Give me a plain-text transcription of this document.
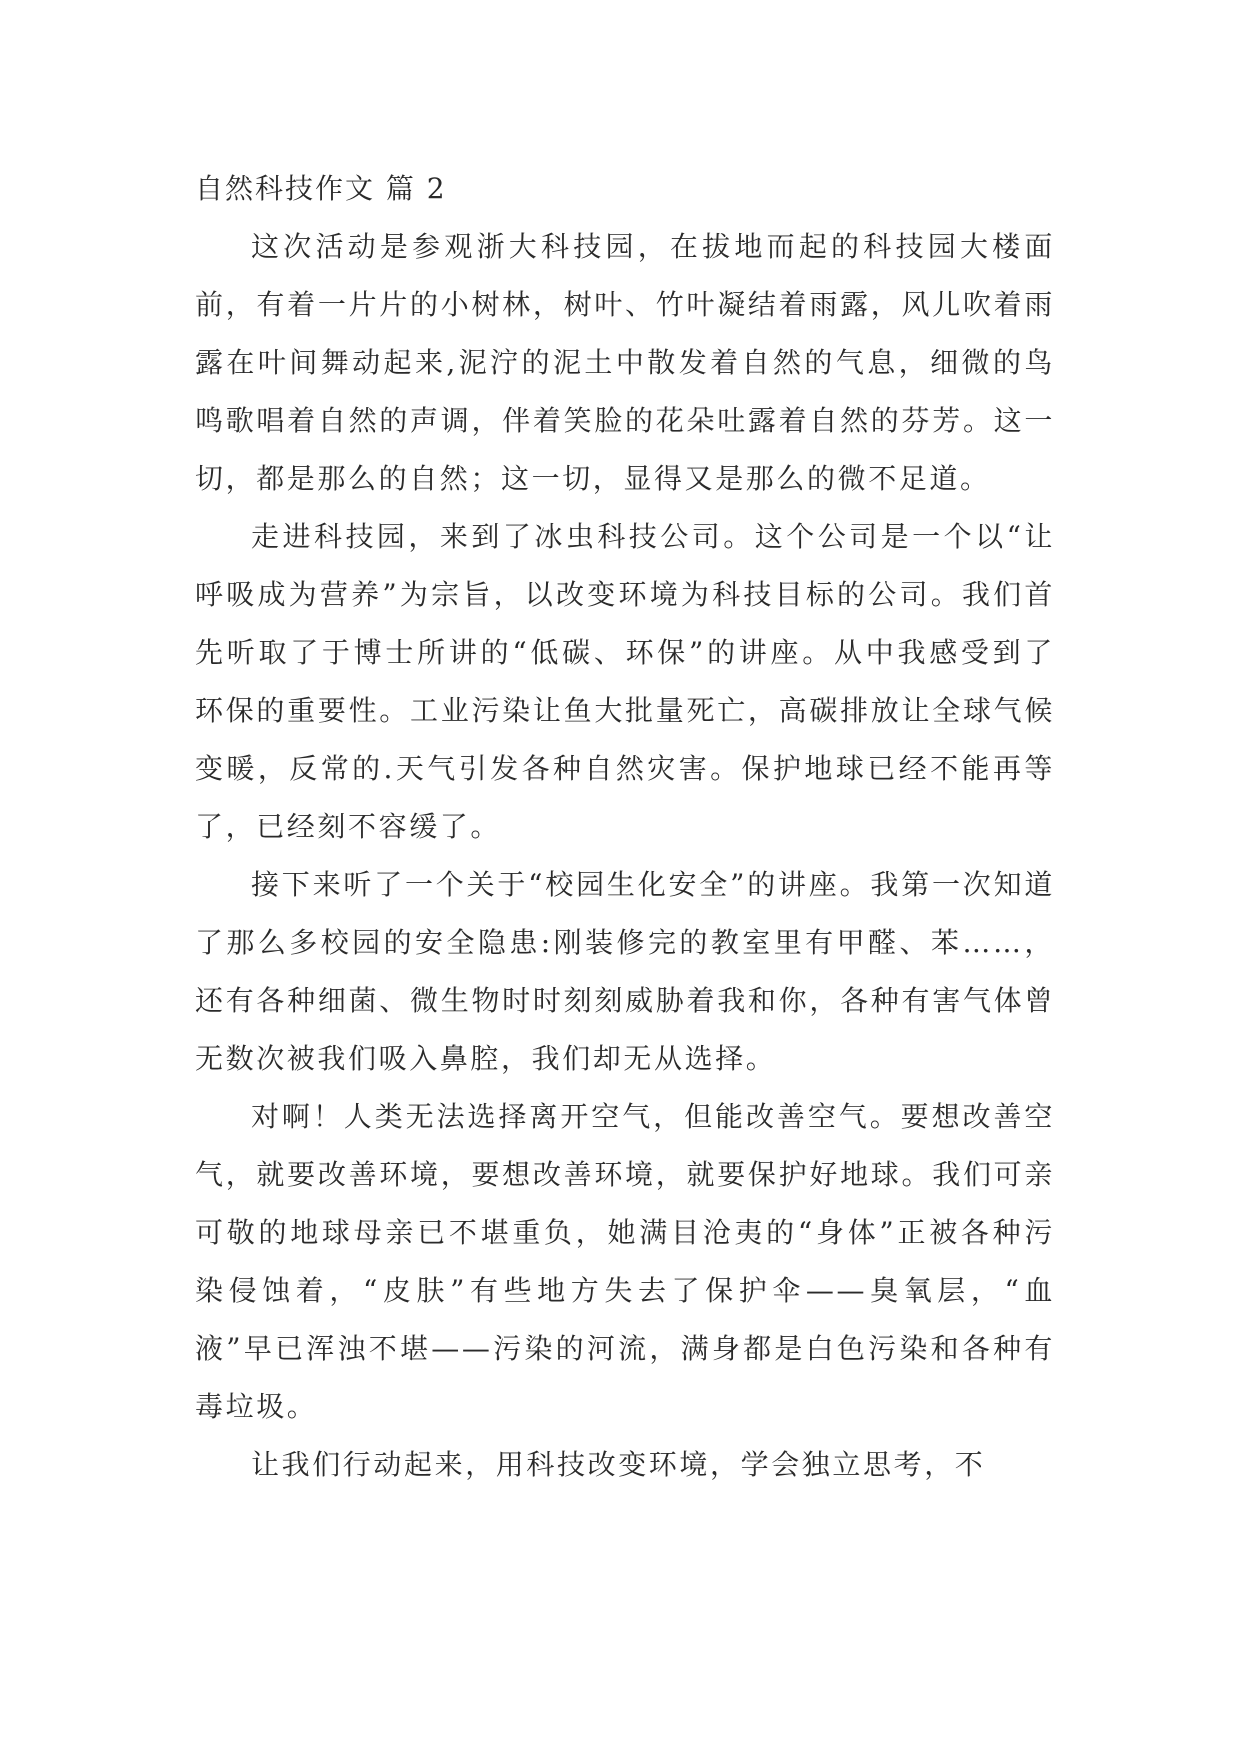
自然科技作文 篇 2

这次活动是参观浙大科技园，在拔地而起的科技园大楼面前，有着一片片的小树林，树叶、竹叶凝结着雨露，风儿吹着雨露在叶间舞动起来,泥泞的泥土中散发着自然的气息，细微的鸟鸣歌唱着自然的声调，伴着笑脸的花朵吐露着自然的芬芳。这一切，都是那么的自然；这一切，显得又是那么的微不足道。

走进科技园，来到了冰虫科技公司。这个公司是一个以“让呼吸成为营养”为宗旨，以改变环境为科技目标的公司。我们首先听取了于博士所讲的“低碳、环保”的讲座。从中我感受到了环保的重要性。工业污染让鱼大批量死亡，高碳排放让全球气候变暖，反常的.天气引发各种自然灾害。保护地球已经不能再等了，已经刻不容缓了。

接下来听了一个关于“校园生化安全”的讲座。我第一次知道了那么多校园的安全隐患:刚装修完的教室里有甲醛、苯……，还有各种细菌、微生物时时刻刻威胁着我和你，各种有害气体曾无数次被我们吸入鼻腔，我们却无从选择。

对啊！人类无法选择离开空气，但能改善空气。要想改善空气，就要改善环境，要想改善环境，就要保护好地球。我们可亲可敬的地球母亲已不堪重负，她满目沧夷的“身体”正被各种污染侵蚀着，“皮肤”有些地方失去了保护伞——臭氧层，“血液”早已浑浊不堪——污染的河流，满身都是白色污染和各种有毒垃圾。

让我们行动起来，用科技改变环境，学会独立思考，不
